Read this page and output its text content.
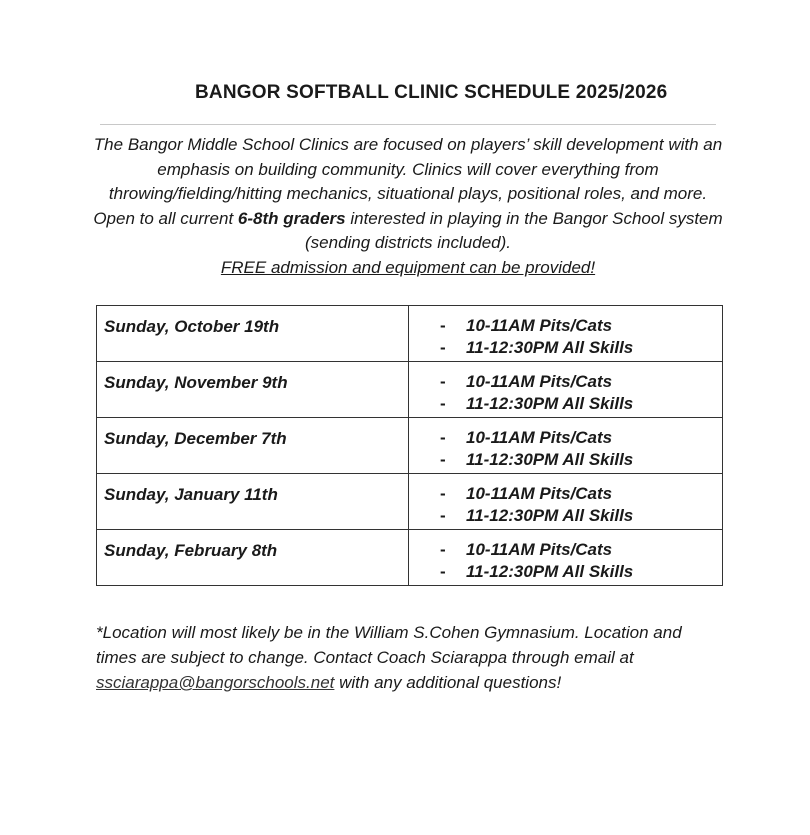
BANGOR SOFTBALL CLINIC SCHEDULE 2025/2026
The Bangor Middle School Clinics are focused on players’ skill development with an emphasis on building community. Clinics will cover everything from throwing/fielding/hitting mechanics, situational plays, positional roles, and more. Open to all current 6-8th graders interested in playing in the Bangor School system (sending districts included).
FREE admission and equipment can be provided!
Sunday, October 19th	- 10-11AM Pits/Cats
- 11-12:30PM All Skills

Sunday, November 9th	- 10-11AM Pits/Cats
- 11-12:30PM All Skills

Sunday, December 7th	- 10-11AM Pits/Cats
- 11-12:30PM All Skills

Sunday, January 11th	- 10-11AM Pits/Cats
- 11-12:30PM All Skills

Sunday, February 8th	- 10-11AM Pits/Cats
- 11-12:30PM All Skills
*Location will most likely be in the William S.Cohen Gymnasium. Location and times are subject to change. Contact Coach Sciarappa through email at ssciarappa@bangorschools.net with any additional questions!
